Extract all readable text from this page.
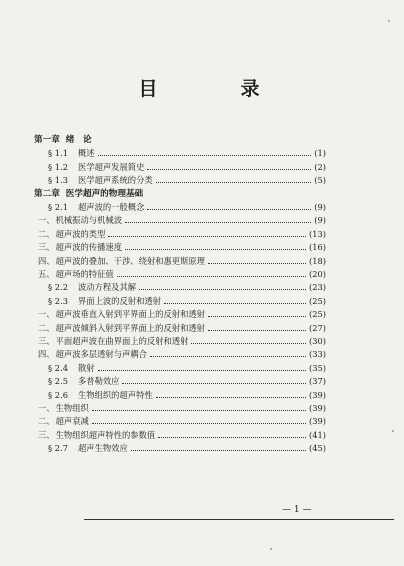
目　录
第一章 绪　论
§ 1.1 概述	(1)
§ 1.2 医学超声发展简史	(2)
§ 1.3 医学超声系统的分类	(5)
第二章 医学超声的物理基础
§ 2.1 超声波的一般概念	(9)
一、 机械振动与机械波	(9)
二、 超声波的类型	(13)
三、 超声波的传播速度	(16)
四、 超声波的叠加、干涉、绕射和惠更斯原理	(18)
五、 超声场的特征值	(20)
§ 2.2 波动方程及其解	(23)
§ 2.3 界面上波的反射和透射	(25)
一、 超声波垂直入射到平界面上的反射和透射	(25)
二、 超声波倾斜入射到平界面上的反射和透射	(27)
三、 平面超声波在曲界面上的反射和透射	(30)
四、 超声波多层透射与声耦合	(33)
§ 2.4 散射	(35)
§ 2.5 多普勒效应	(37)
§ 2.6 生物组织的超声特性	(39)
一、 生物组织	(39)
二、 超声衰减	(39)
三、 生物组织超声特性的参数值	(41)
§ 2.7 超声生物效应	(45)
— 1 —
